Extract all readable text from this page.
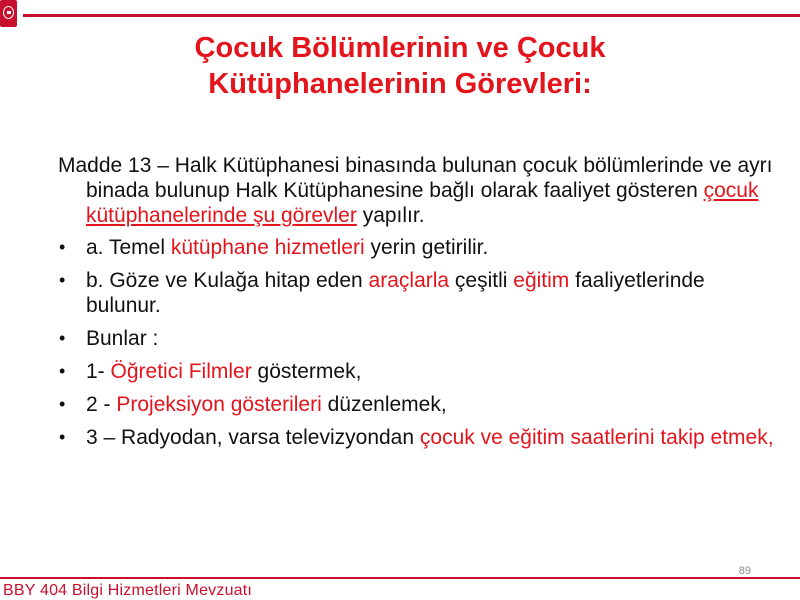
Çocuk Bölümlerinin ve Çocuk
Kütüphanelerinin Görevleri:

Madde 13 – Halk Kütüphanesi binasında bulunan çocuk bölümlerinde ve ayrı binada bulunup Halk Kütüphanesine bağlı olarak faaliyet gösteren çocuk kütüphanelerinde şu görevler yapılır.

• a. Temel kütüphane hizmetleri yerin getirilir.
• b. Göze ve Kulağa hitap eden araçlarla çeşitli eğitim faaliyetlerinde bulunur.
• Bunlar :
• 1- Öğretici Filmler göstermek,
• 2 - Projeksiyon gösterileri düzenlemek,
• 3 – Radyodan, varsa televizyondan çocuk ve eğitim saatlerini takip etmek,
89
BBY 404 Bilgi Hizmetleri Mevzuatı
